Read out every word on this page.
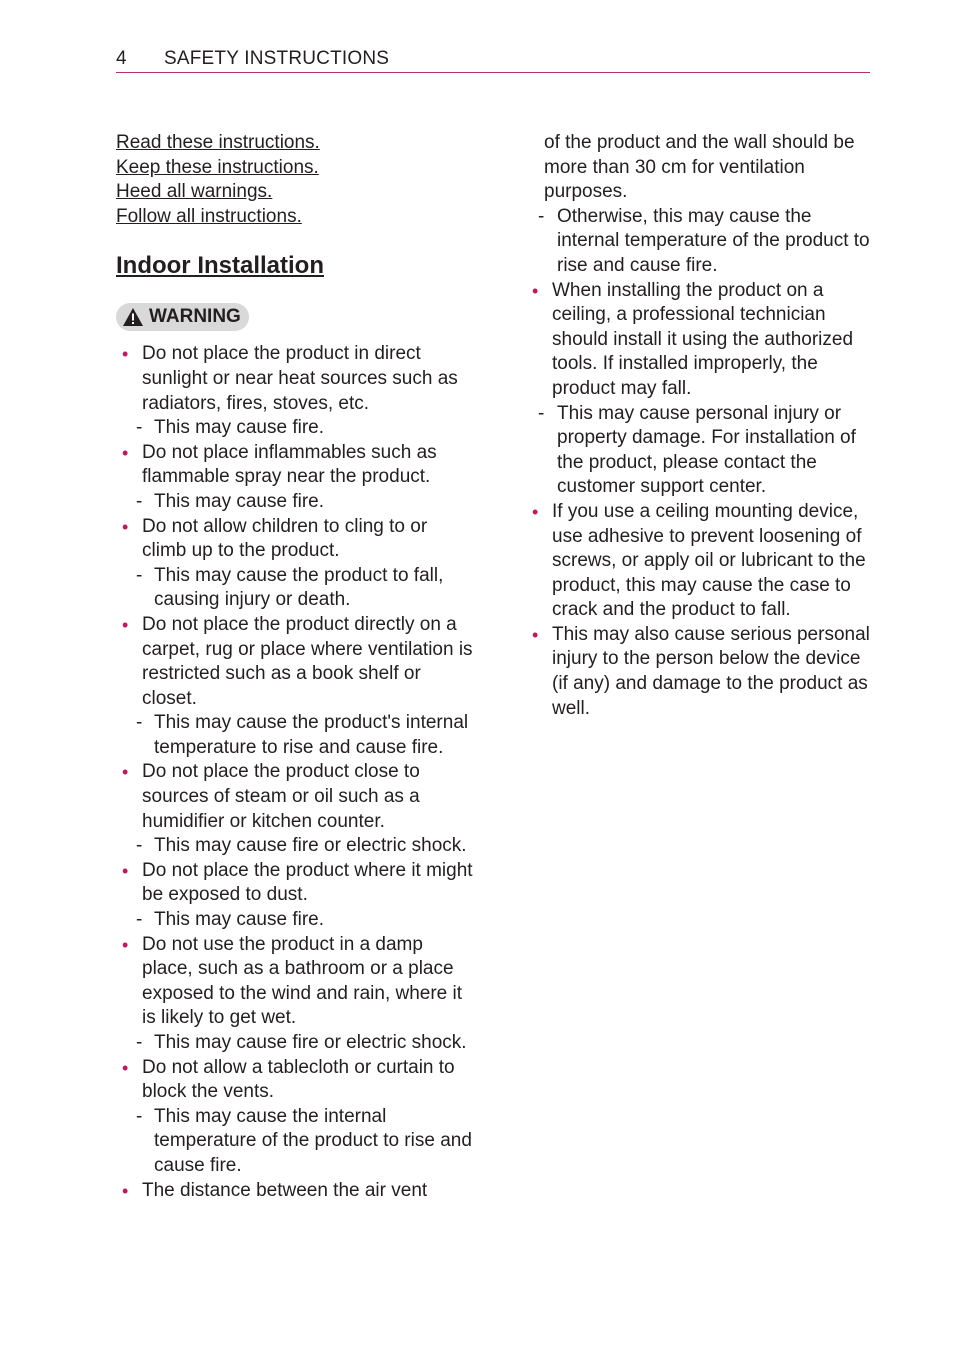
4 SAFETY INSTRUCTIONS
Read these instructions.
Keep these instructions.
Heed all warnings.
Follow all instructions.
Indoor Installation
WARNING
• Do not place the product in direct sunlight or near heat sources such as radiators, fires, stoves, etc.
- This may cause fire.
• Do not place inflammables such as flammable spray near the product.
- This may cause fire.
• Do not allow children to cling to or climb up to the product.
- This may cause the product to fall, causing injury or death.
• Do not place the product directly on a carpet, rug or place where ventilation is restricted such as a book shelf or closet.
- This may cause the product's internal temperature to rise and cause fire.
• Do not place the product close to sources of steam or oil such as a humidifier or kitchen counter.
- This may cause fire or electric shock.
• Do not place the product where it might be exposed to dust.
- This may cause fire.
• Do not use the product in a damp place, such as a bathroom or a place exposed to the wind and rain, where it is likely to get wet.
- This may cause fire or electric shock.
• Do not allow a tablecloth or curtain to block the vents.
- This may cause the internal temperature of the product to rise and cause fire.
• The distance between the air vent
of the product and the wall should be more than 30 cm for ventilation purposes.
- Otherwise, this may cause the internal temperature of the product to rise and cause fire.
• When installing the product on a ceiling, a professional technician should install it using the authorized tools. If installed improperly, the product may fall.
- This may cause personal injury or property damage. For installation of the product, please contact the customer support center.
• If you use a ceiling mounting device, use adhesive to prevent loosening of screws, or apply oil or lubricant to the product, this may cause the case to crack and the product to fall.
• This may also cause serious personal injury to the person below the device (if any) and damage to the product as well.
